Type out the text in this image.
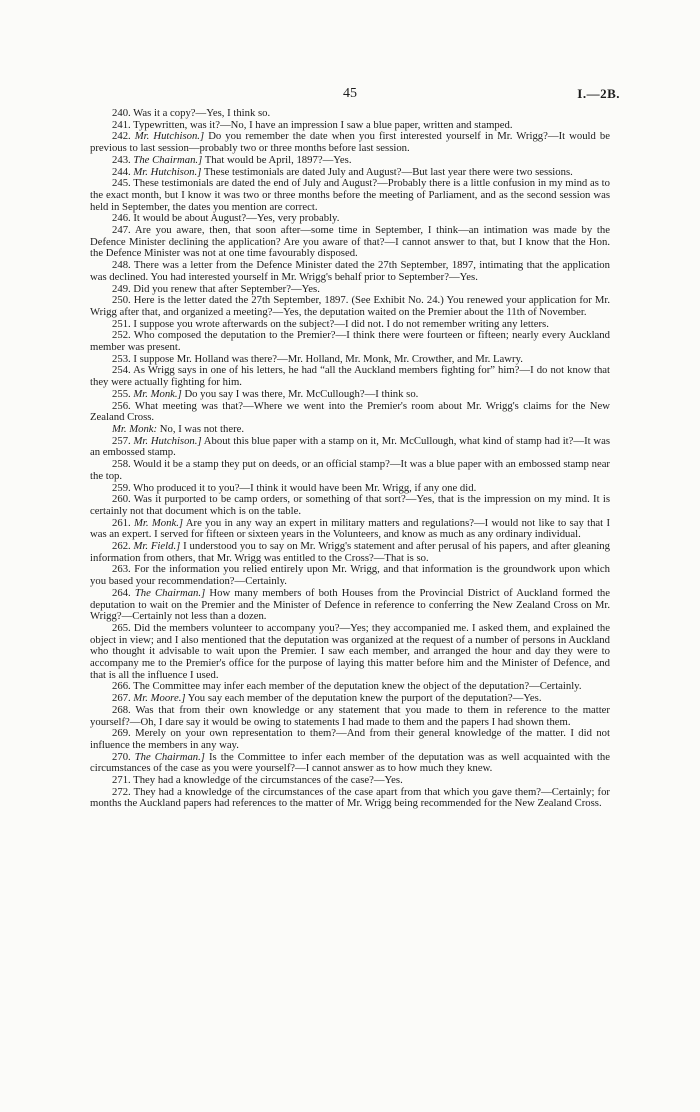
45	I.—2B.

240. Was it a copy?—Yes, I think so.

241. Typewritten, was it?—No, I have an impression I saw a blue paper, written and stamped.

242. Mr. Hutchison.] Do you remember the date when you first interested yourself in Mr. Wrigg?—It would be previous to last session—probably two or three months before last session.

243. The Chairman.] That would be April, 1897?—Yes.

244. Mr. Hutchison.] These testimonials are dated July and August?—But last year there were two sessions.

245. These testimonials are dated the end of July and August?—Probably there is a little confusion in my mind as to the exact month, but I know it was two or three months before the meeting of Parliament, and as the second session was held in September, the dates you mention are correct.

246. It would be about August?—Yes, very probably.

247. Are you aware, then, that soon after—some time in September, I think—an intimation was made by the Defence Minister declining the application? Are you aware of that?—I cannot answer to that, but I know that the Hon. the Defence Minister was not at one time favourably disposed.

248. There was a letter from the Defence Minister dated the 27th September, 1897, intimating that the application was declined. You had interested yourself in Mr. Wrigg's behalf prior to September?—Yes.

249. Did you renew that after September?—Yes.

250. Here is the letter dated the 27th September, 1897. (See Exhibit No. 24.) You renewed your application for Mr. Wrigg after that, and organized a meeting?—Yes, the deputation waited on the Premier about the 11th of November.

251. I suppose you wrote afterwards on the subject?—I did not. I do not remember writing any letters.

252. Who composed the deputation to the Premier?—I think there were fourteen or fifteen; nearly every Auckland member was present.

253. I suppose Mr. Holland was there?—Mr. Holland, Mr. Monk, Mr. Crowther, and Mr. Lawry.

254. As Wrigg says in one of his letters, he had “all the Auckland members fighting for” him?—I do not know that they were actually fighting for him.

255. Mr. Monk.] Do you say I was there, Mr. McCullough?—I think so.

256. What meeting was that?—Where we went into the Premier's room about Mr. Wrigg's claims for the New Zealand Cross.

Mr. Monk: No, I was not there.

257. Mr. Hutchison.] About this blue paper with a stamp on it, Mr. McCullough, what kind of stamp had it?—It was an embossed stamp.

258. Would it be a stamp they put on deeds, or an official stamp?—It was a blue paper with an embossed stamp near the top.

259. Who produced it to you?—I think it would have been Mr. Wrigg, if any one did.

260. Was it purported to be camp orders, or something of that sort?—Yes, that is the impression on my mind. It is certainly not that document which is on the table.

261. Mr. Monk.] Are you in any way an expert in military matters and regulations?—I would not like to say that I was an expert. I served for fifteen or sixteen years in the Volunteers, and know as much as any ordinary individual.

262. Mr. Field.] I understood you to say on Mr. Wrigg's statement and after perusal of his papers, and after gleaning information from others, that Mr. Wrigg was entitled to the Cross?—That is so.

263. For the information you relied entirely upon Mr. Wrigg, and that information is the groundwork upon which you based your recommendation?—Certainly.

264. The Chairman.] How many members of both Houses from the Provincial District of Auckland formed the deputation to wait on the Premier and the Minister of Defence in reference to conferring the New Zealand Cross on Mr. Wrigg?—Certainly not less than a dozen.

265. Did the members volunteer to accompany you?—Yes; they accompanied me. I asked them, and explained the object in view; and I also mentioned that the deputation was organized at the request of a number of persons in Auckland who thought it advisable to wait upon the Premier. I saw each member, and arranged the hour and day they were to accompany me to the Premier's office for the purpose of laying this matter before him and the Minister of Defence, and that is all the influence I used.

266. The Committee may infer each member of the deputation knew the object of the deputation?—Certainly.

267. Mr. Moore.] You say each member of the deputation knew the purport of the deputation?—Yes.

268. Was that from their own knowledge or any statement that you made to them in reference to the matter yourself?—Oh, I dare say it would be owing to statements I had made to them and the papers I had shown them.

269. Merely on your own representation to them?—And from their general knowledge of the matter. I did not influence the members in any way.

270. The Chairman.] Is the Committee to infer each member of the deputation was as well acquainted with the circumstances of the case as you were yourself?—I cannot answer as to how much they knew.

271. They had a knowledge of the circumstances of the case?—Yes.

272. They had a knowledge of the circumstances of the case apart from that which you gave them?—Certainly; for months the Auckland papers had references to the matter of Mr. Wrigg being recommended for the New Zealand Cross.
